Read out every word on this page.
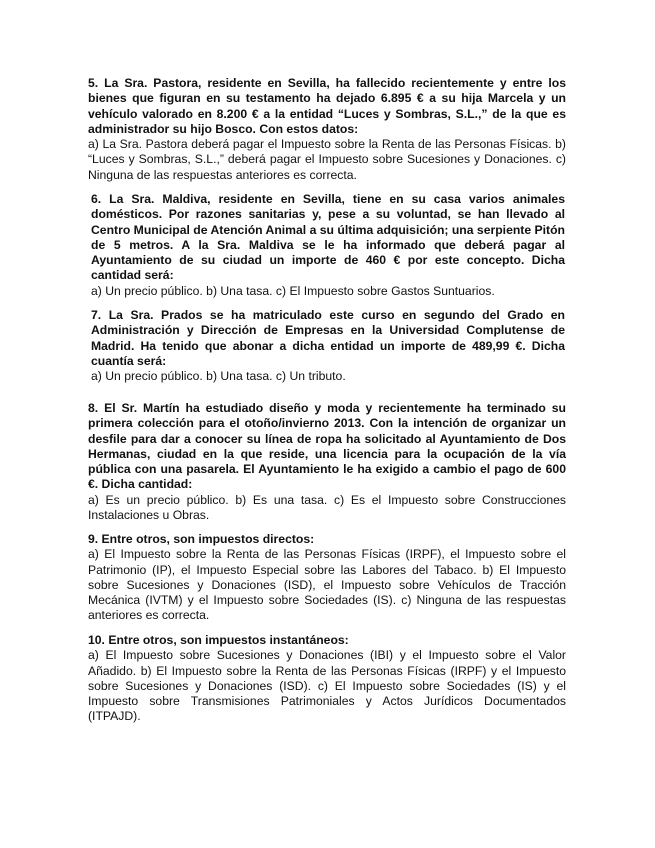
5. La Sra. Pastora, residente en Sevilla, ha fallecido recientemente y entre los bienes que figuran en su testamento ha dejado 6.895 € a su hija Marcela y un vehículo valorado en 8.200 € a la entidad “Luces y Sombras, S.L.,” de la que es administrador su hijo Bosco. Con estos datos:

a) La Sra. Pastora deberá pagar el Impuesto sobre la Renta de las Personas Físicas. b) “Luces y Sombras, S.L.,” deberá pagar el Impuesto sobre Sucesiones y Donaciones. c) Ninguna de las respuestas anteriores es correcta.

6. La Sra. Maldiva, residente en Sevilla, tiene en su casa varios animales domésticos. Por razones sanitarias y, pese a su voluntad, se han llevado al Centro Municipal de Atención Animal a su última adquisición; una serpiente Pitón de 5 metros. A la Sra. Maldiva se le ha informado que deberá pagar al Ayuntamiento de su ciudad un importe de 460 € por este concepto. Dicha cantidad será:

a) Un precio público. b) Una tasa. c) El Impuesto sobre Gastos Suntuarios.

7. La Sra. Prados se ha matriculado este curso en segundo del Grado en Administración y Dirección de Empresas en la Universidad Complutense de Madrid. Ha tenido que abonar a dicha entidad un importe de 489,99 €. Dicha cuantía será:

a) Un precio público. b) Una tasa. c) Un tributo.

8. El Sr. Martín ha estudiado diseño y moda y recientemente ha terminado su primera colección para el otoño/invierno 2013. Con la intención de organizar un desfile para dar a conocer su línea de ropa ha solicitado al Ayuntamiento de Dos Hermanas, ciudad en la que reside, una licencia para la ocupación de la vía pública con una pasarela. El Ayuntamiento le ha exigido a cambio el pago de 600 €. Dicha cantidad:

a) Es un precio público. b) Es una tasa. c) Es el Impuesto sobre Construcciones Instalaciones u Obras.

9. Entre otros, son impuestos directos:

a) El Impuesto sobre la Renta de las Personas Físicas (IRPF), el Impuesto sobre el Patrimonio (IP), el Impuesto Especial sobre las Labores del Tabaco. b) El Impuesto sobre Sucesiones y Donaciones (ISD), el Impuesto sobre Vehículos de Tracción Mecánica (IVTM) y el Impuesto sobre Sociedades (IS). c) Ninguna de las respuestas anteriores es correcta.

10. Entre otros, son impuestos instantáneos:

a) El Impuesto sobre Sucesiones y Donaciones (IBI) y el Impuesto sobre el Valor Añadido. b) El Impuesto sobre la Renta de las Personas Físicas (IRPF) y el Impuesto sobre Sucesiones y Donaciones (ISD). c) El Impuesto sobre Sociedades (IS) y el Impuesto sobre Transmisiones Patrimoniales y Actos Jurídicos Documentados (ITPAJD).
